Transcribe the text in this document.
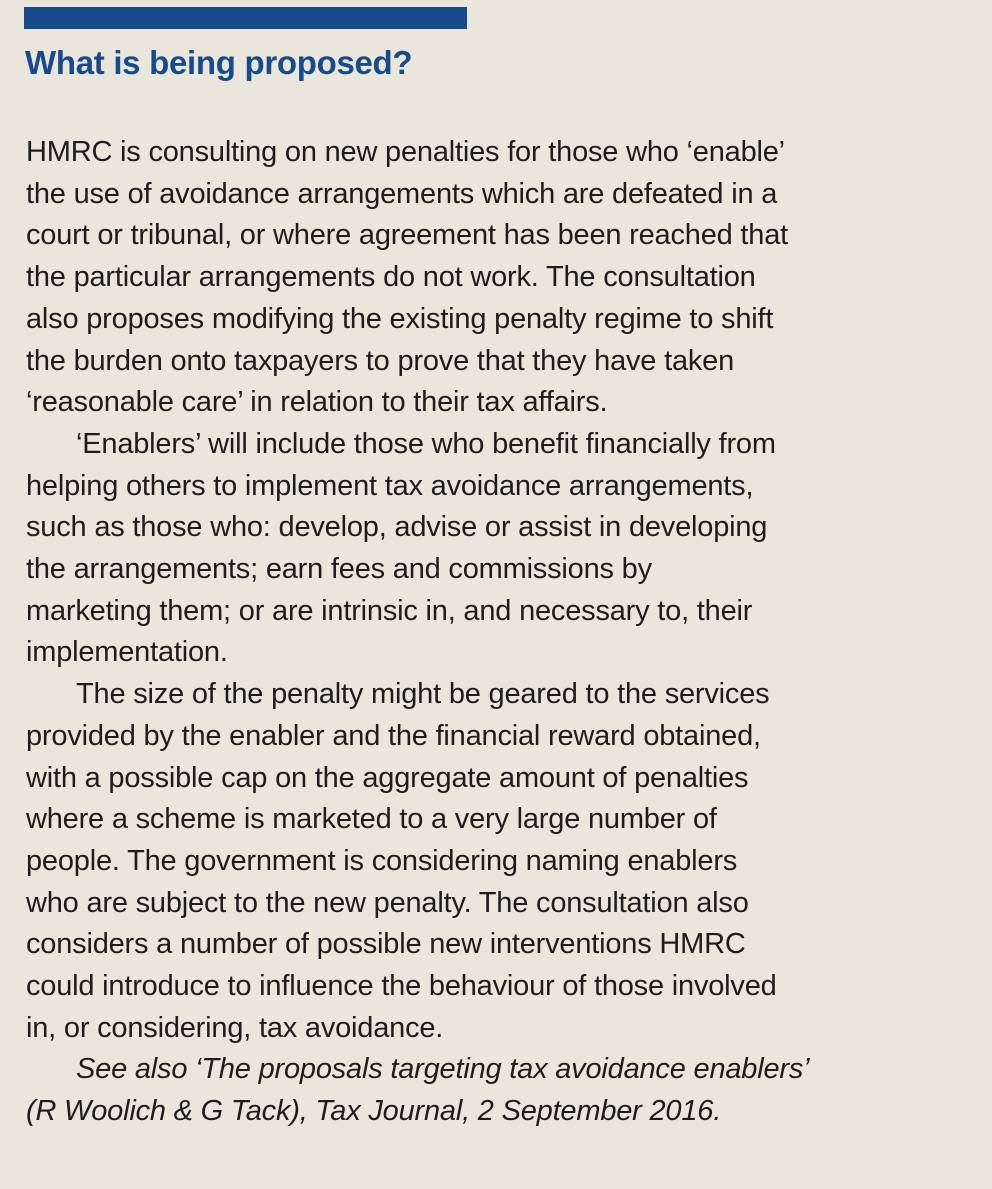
What is being proposed?

HMRC is consulting on new penalties for those who ‘enable’
the use of avoidance arrangements which are defeated in a
court or tribunal, or where agreement has been reached that
the particular arrangements do not work. The consultation
also proposes modifying the existing penalty regime to shift
the burden onto taxpayers to prove that they have taken
‘reasonable care’ in relation to their tax affairs.

‘Enablers’ will include those who benefit financially from
helping others to implement tax avoidance arrangements,
such as those who: develop, advise or assist in developing
the arrangements; earn fees and commissions by
marketing them; or are intrinsic in, and necessary to, their
implementation.

The size of the penalty might be geared to the services
provided by the enabler and the financial reward obtained,
with a possible cap on the aggregate amount of penalties
where a scheme is marketed to a very large number of
people. The government is considering naming enablers
who are subject to the new penalty. The consultation also
considers a number of possible new interventions HMRC
could introduce to influence the behaviour of those involved
in, or considering, tax avoidance.

See also ‘The proposals targeting tax avoidance enablers’
(R Woolich & G Tack), Tax Journal, 2 September 2016.
